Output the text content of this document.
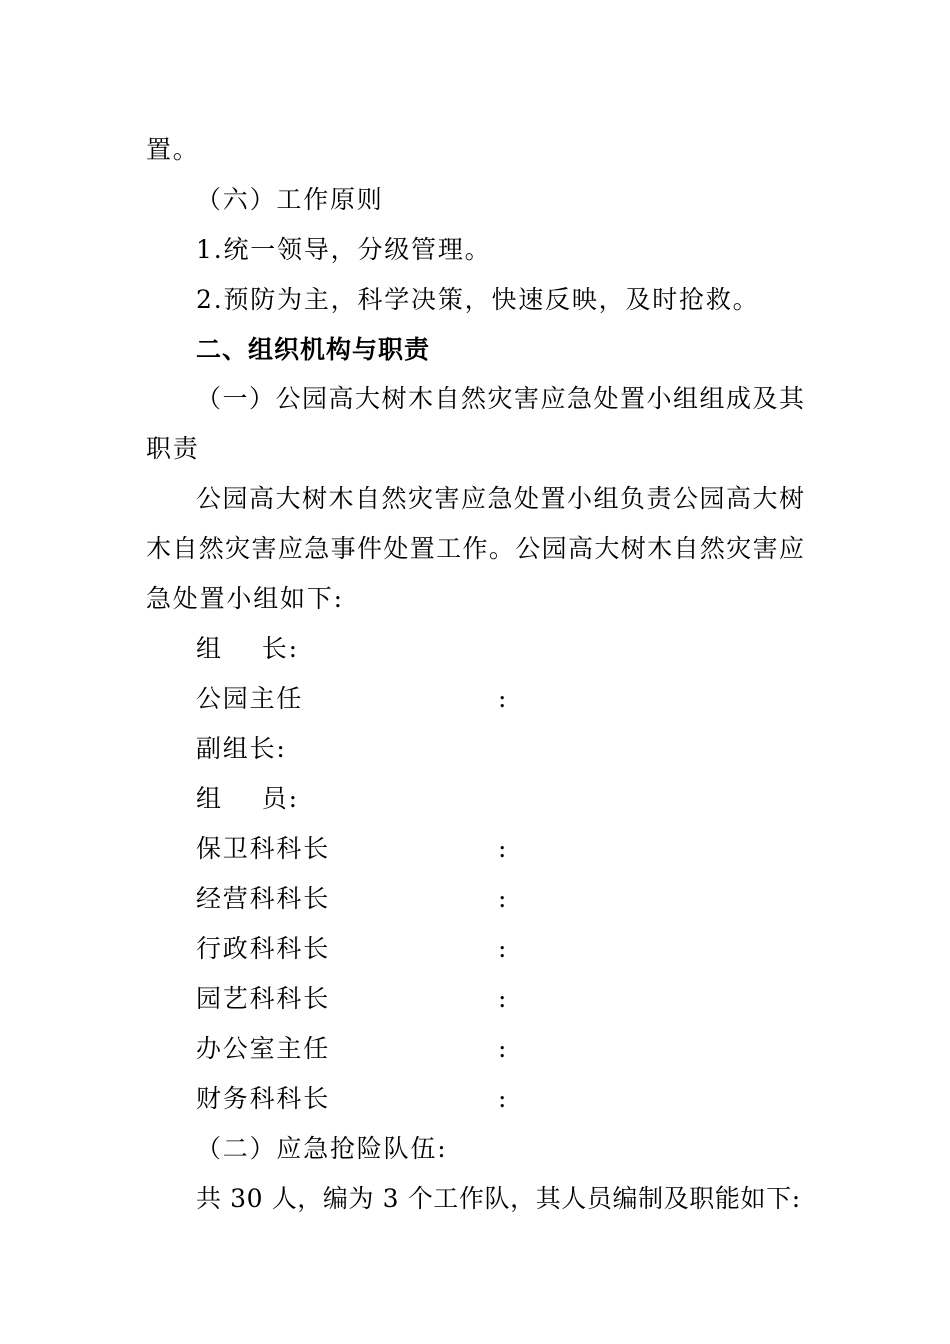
置。
（六）工作原则
1.统一领导，分级管理。
2.预防为主，科学决策，快速反映，及时抢救。
二、组织机构与职责
（一）公园高大树木自然灾害应急处置小组组成及其
职责
公园高大树木自然灾害应急处置小组负责公园高大树
木自然灾害应急事件处置工作。公园高大树木自然灾害应
急处置小组如下:
组    长:
公园主任	:
副组长:
组    员:
保卫科科长	:
经营科科长	:
行政科科长	:
园艺科科长	:
办公室主任	:
财务科科长	:
（二）应急抢险队伍:
共 30 人，编为 3 个工作队，其人员编制及职能如下:
